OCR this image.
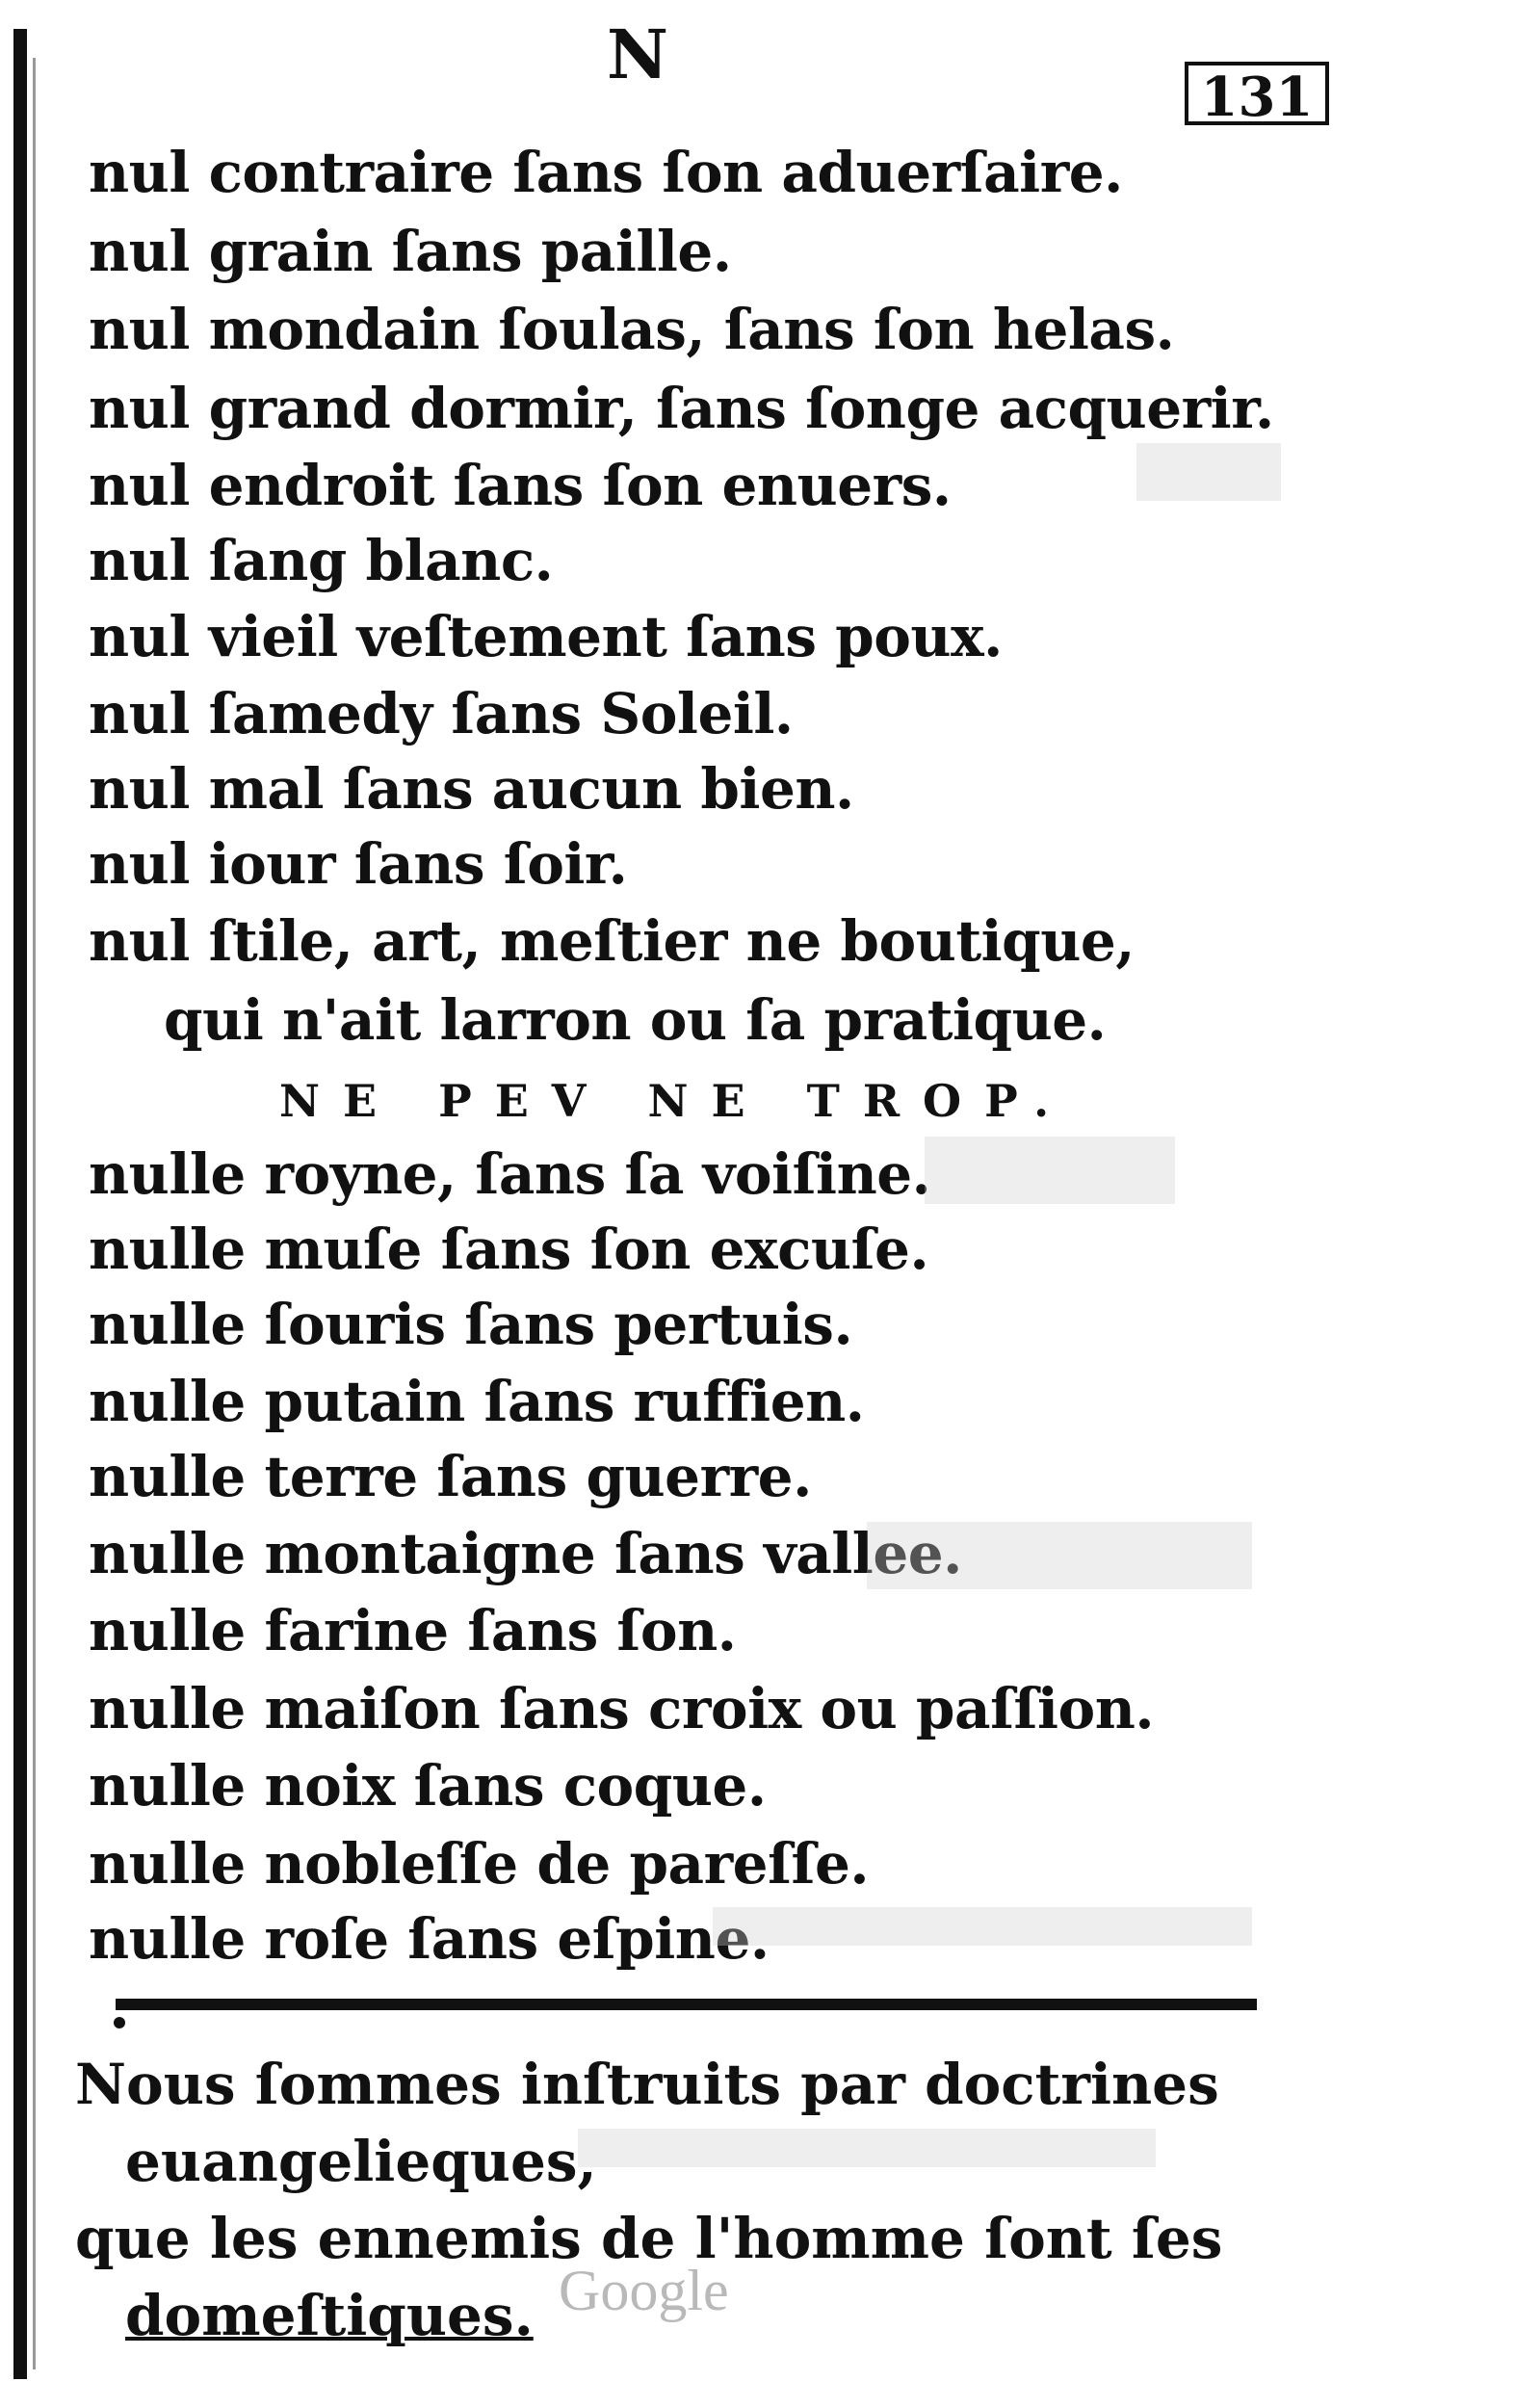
N
131
nul contraire ſans ſon aduerſaire.
nul grain ſans paille.
nul mondain ſoulas, ſans ſon helas.
nul grand dormir, ſans ſonge acquerir.
nul endroit ſans ſon enuers.
nul ſang blanc.
nul vieil veſtement ſans poux.
nul ſamedy ſans Soleil.
nul mal ſans aucun bien.
nul iour ſans ſoir.
nul ſtile, art, meſtier ne boutique,
qui n'ait larron ou ſa pratique.
NE PEV NE TROP.
nulle royne, ſans ſa voiſine.
nulle muſe ſans ſon excuſe.
nulle ſouris ſans pertuis.
nulle putain ſans ruffien.
nulle terre ſans guerre.
nulle montaigne ſans vallee.
nulle farine ſans ſon.
nulle maiſon ſans croix ou paſſion.
nulle noix ſans coque.
nulle nobleſſe de pareſſe.
nulle roſe ſans eſpine.
Nous ſommes inſtruits par doctrines
euangelieques,
que les ennemis de l'homme ſont ſes
domeſtiques. Google
